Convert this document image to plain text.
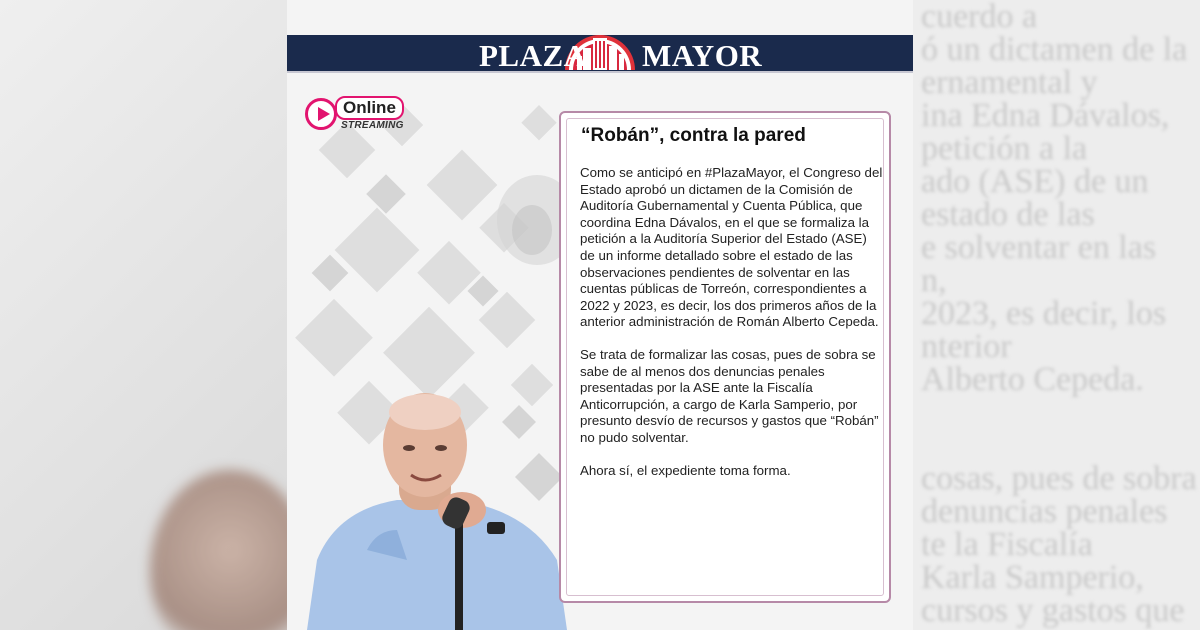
cuerdo a
ó un dictamen de la
ernamental y
ina Edna Dávalos,
petición a la
ado (ASE) de un
estado de las
e solventar en las
n,
2023, es decir, los
nterior
Alberto Cepeda.
cosas, pues de sobra
denuncias penales
te la Fiscalía
Karla Samperio,
cursos y gastos que
PLAZA MAYOR
Online
STREAMING	“Robán”, contra la pared

Como se anticipó en #PlazaMayor, el Congreso del Estado aprobó un dictamen de la Comisión de Auditoría Gubernamental y Cuenta Pública, que coordina Edna Dávalos, en el que se formaliza la petición a la Auditoría Superior del Estado (ASE) de un informe detallado sobre el estado de las observaciones pendientes de solventar en las cuentas públicas de Torreón, correspondientes a 2022 y 2023, es decir, los dos primeros años de la anterior administración de Román Alberto Cepeda.

Se trata de formalizar las cosas, pues de sobra se sabe de al menos dos denuncias penales presentadas por la ASE ante la Fiscalía Anticorrupción, a cargo de Karla Samperio, por presunto desvío de recursos y gastos que “Robán” no pudo solventar.

Ahora sí, el expediente toma forma.
